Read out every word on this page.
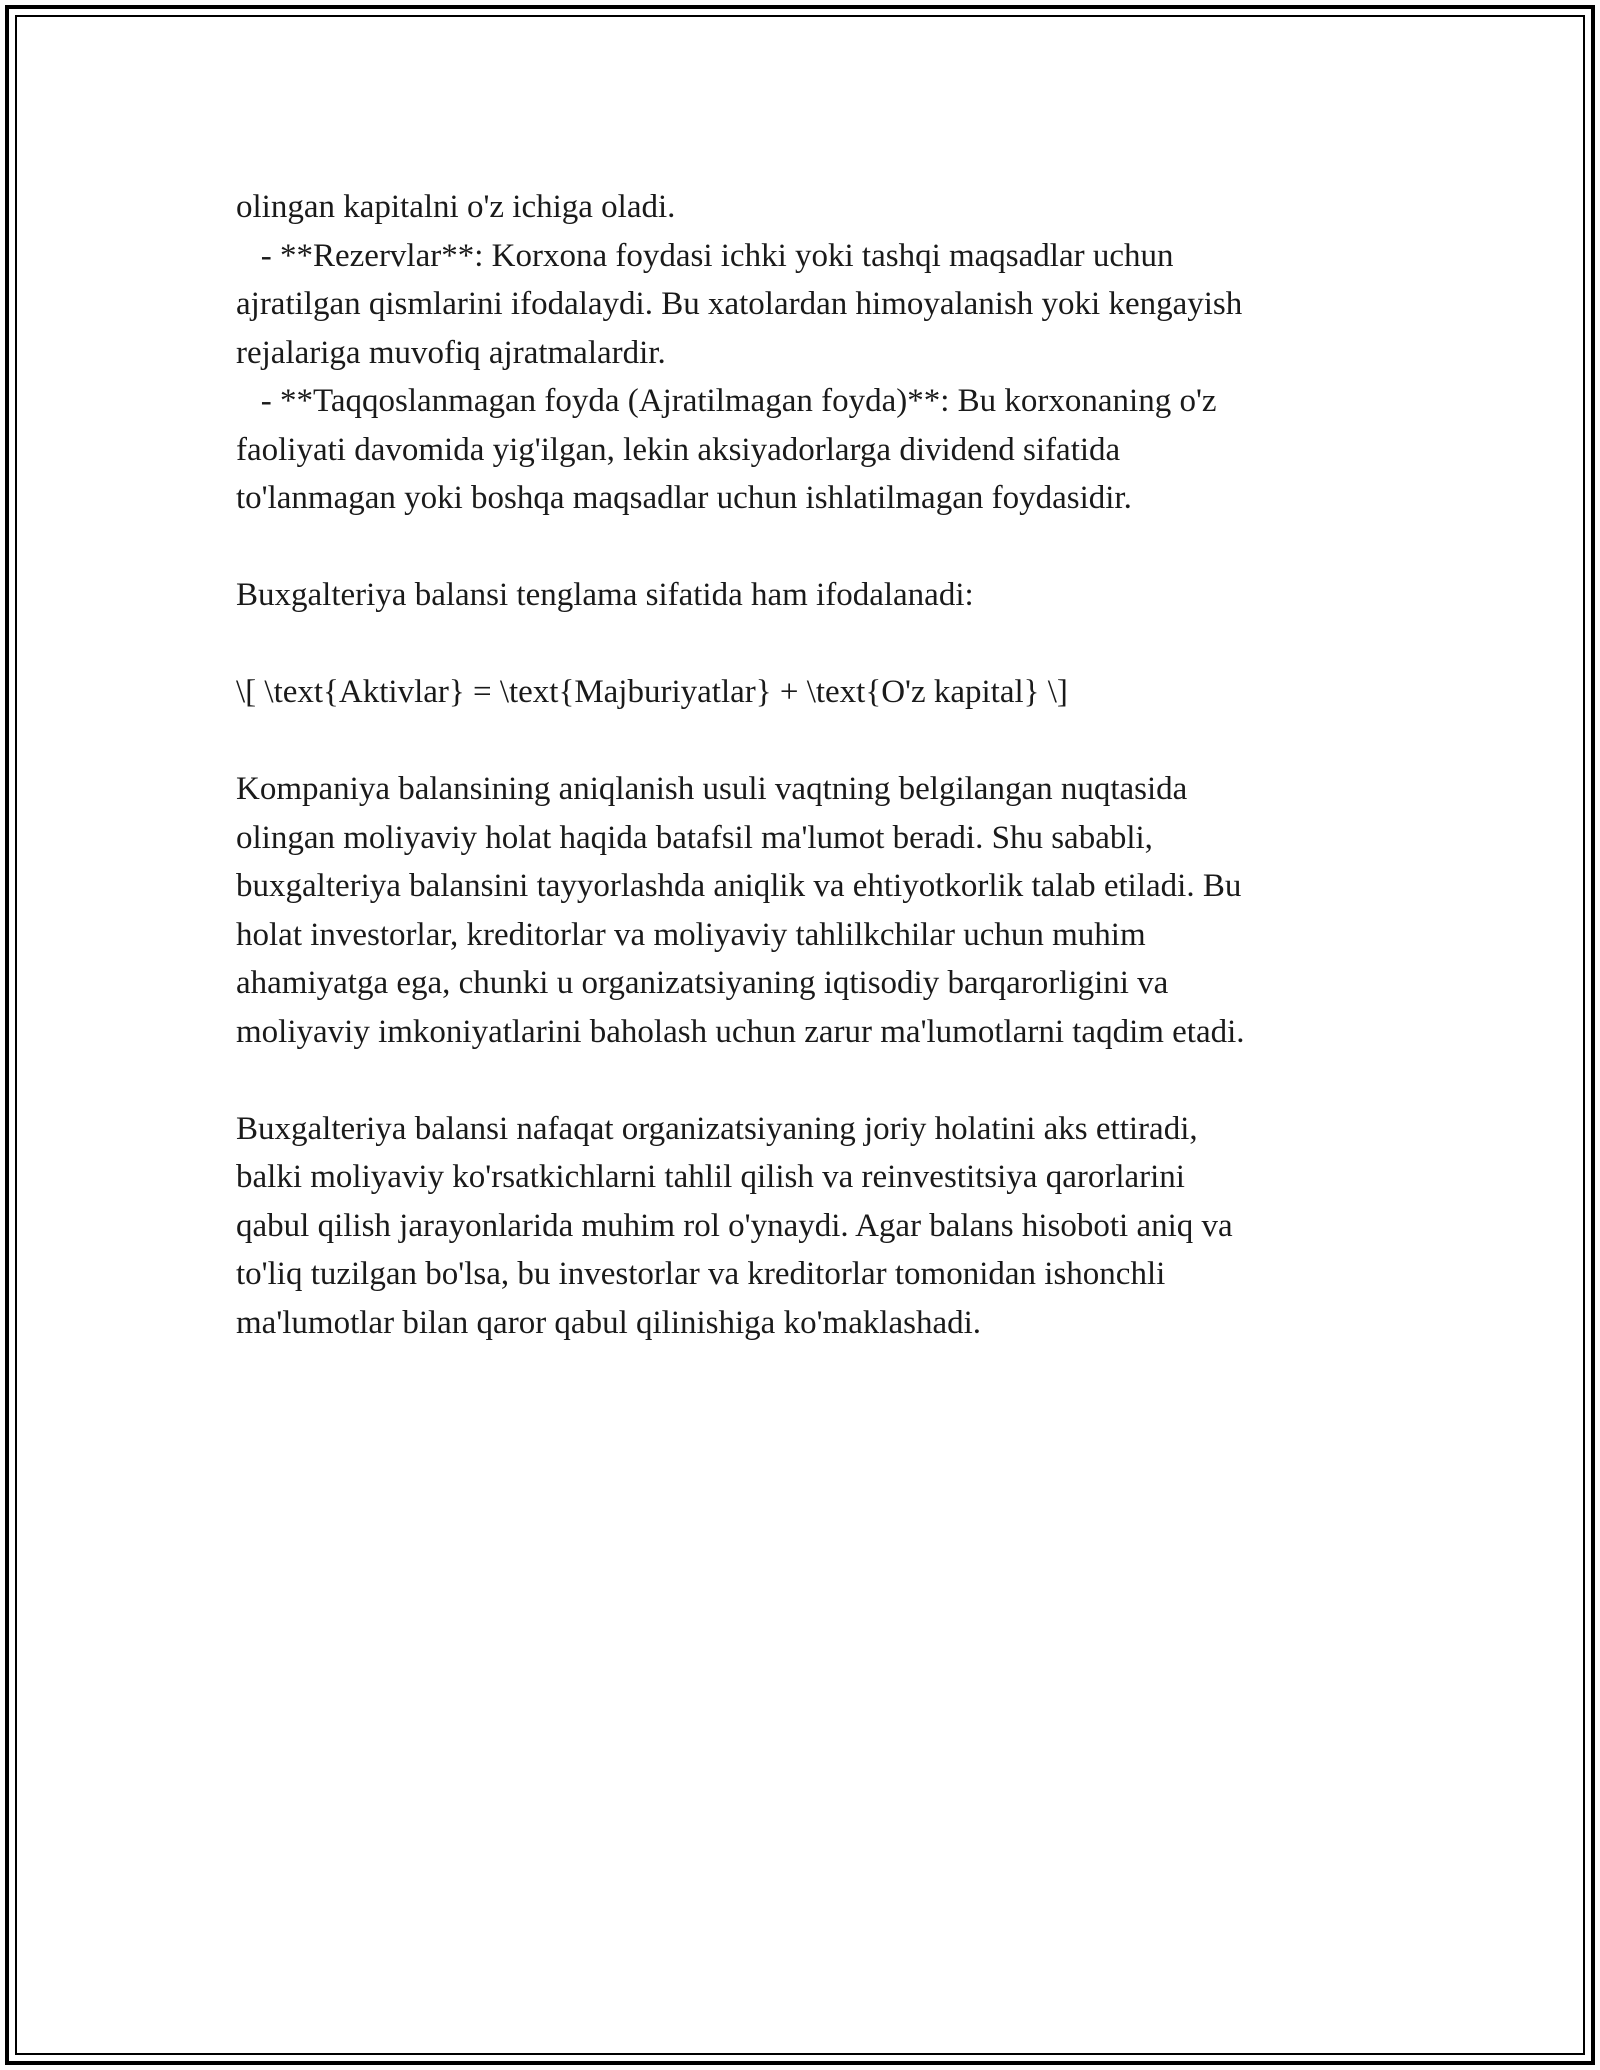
olingan kapitalni o'z ichiga oladi.
- **Rezervlar**: Korxona foydasi ichki yoki tashqi maqsadlar uchun
ajratilgan qismlarini ifodalaydi. Bu xatolardan himoyalanish yoki kengayish
rejalariga muvofiq ajratmalardir.
- **Taqqoslanmagan foyda (Ajratilmagan foyda)**: Bu korxonaning o'z
faoliyati davomida yig'ilgan, lekin aksiyadorlarga dividend sifatida
to'lanmagan yoki boshqa maqsadlar uchun ishlatilmagan foydasidir.
Buxgalteriya balansi tenglama sifatida ham ifodalanadi:
\[ \text{Aktivlar} = \text{Majburiyatlar} + \text{O'z kapital} \]
Kompaniya balansining aniqlanish usuli vaqtning belgilangan nuqtasida
olingan moliyaviy holat haqida batafsil ma'lumot beradi. Shu sababli,
buxgalteriya balansini tayyorlashda aniqlik va ehtiyotkorlik talab etiladi. Bu
holat investorlar, kreditorlar va moliyaviy tahlilkchilar uchun muhim
ahamiyatga ega, chunki u organizatsiyaning iqtisodiy barqarorligini va
moliyaviy imkoniyatlarini baholash uchun zarur ma'lumotlarni taqdim etadi.
Buxgalteriya balansi nafaqat organizatsiyaning joriy holatini aks ettiradi,
balki moliyaviy ko'rsatkichlarni tahlil qilish va reinvestitsiya qarorlarini
qabul qilish jarayonlarida muhim rol o'ynaydi. Agar balans hisoboti aniq va
to'liq tuzilgan bo'lsa, bu investorlar va kreditorlar tomonidan ishonchli
ma'lumotlar bilan qaror qabul qilinishiga ko'maklashadi.
